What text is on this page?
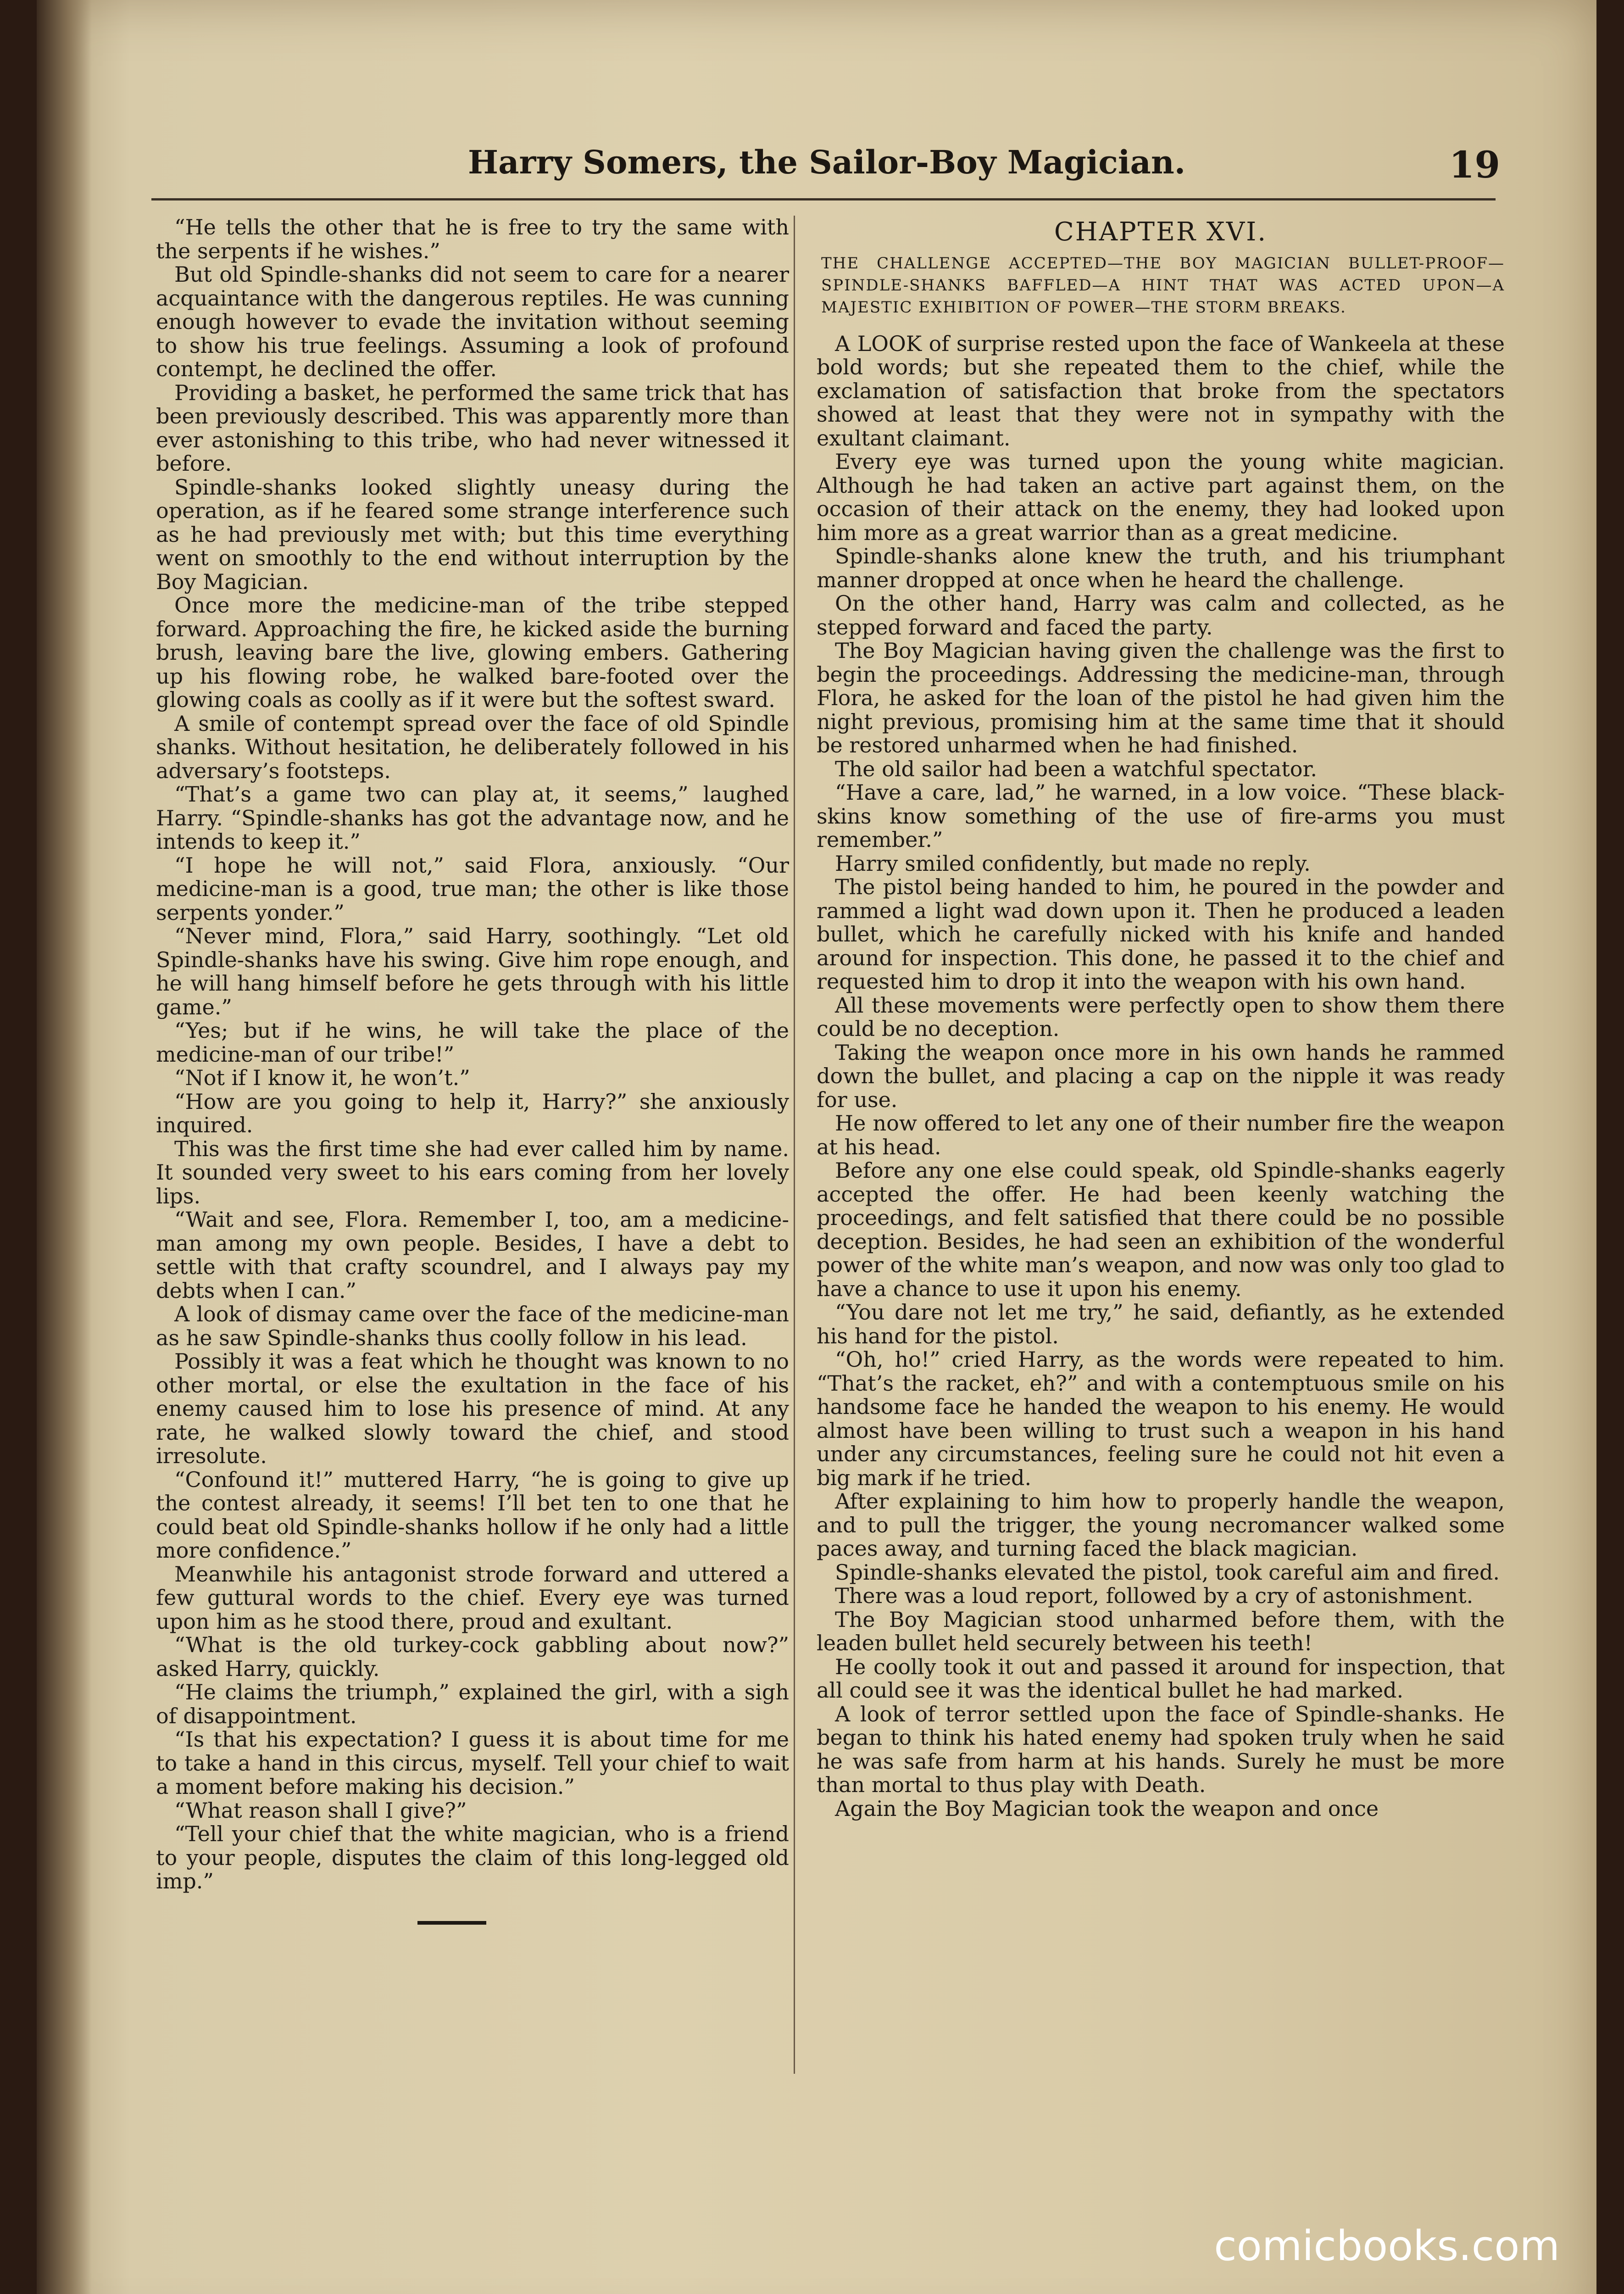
Harry Somers, the Sailor-Boy Magician.	19

“He tells the other that he is free to try the same with the serpents if he wishes.”

But old Spindle-shanks did not seem to care for a nearer acquaintance with the dangerous reptiles. He was cunning enough however to evade the invitation without seeming to show his true feelings. Assuming a look of profound contempt, he declined the offer.

Providing a basket, he performed the same trick that has been previously described. This was apparently more than ever astonishing to this tribe, who had never witnessed it before.

Spindle-shanks looked slightly uneasy during the operation, as if he feared some strange interference such as he had previously met with; but this time everything went on smoothly to the end without interruption by the Boy Magician.

Once more the medicine-man of the tribe stepped forward. Approaching the fire, he kicked aside the burning brush, leaving bare the live, glowing embers. Gathering up his flowing robe, he walked bare-footed over the glowing coals as coolly as if it were but the softest sward.

A smile of contempt spread over the face of old Spindle shanks. Without hesitation, he deliberately followed in his adversary’s footsteps.

“That’s a game two can play at, it seems,” laughed Harry. “Spindle-shanks has got the advantage now, and he intends to keep it.”

“I hope he will not,” said Flora, anxiously. “Our medicine-man is a good, true man; the other is like those serpents yonder.”

“Never mind, Flora,” said Harry, soothingly. “Let old Spindle-shanks have his swing. Give him rope enough, and he will hang himself before he gets through with his little game.”

“Yes; but if he wins, he will take the place of the medicine-man of our tribe!”

“Not if I know it, he won’t.”

“How are you going to help it, Harry?” she anxiously inquired.

This was the first time she had ever called him by name. It sounded very sweet to his ears coming from her lovely lips.

“Wait and see, Flora. Remember I, too, am a medicine-man among my own people. Besides, I have a debt to settle with that crafty scoundrel, and I always pay my debts when I can.”

A look of dismay came over the face of the medicine-man as he saw Spindle-shanks thus coolly follow in his lead.

Possibly it was a feat which he thought was known to no other mortal, or else the exultation in the face of his enemy caused him to lose his presence of mind. At any rate, he walked slowly toward the chief, and stood irresolute.

“Confound it!” muttered Harry, “he is going to give up the contest already, it seems! I’ll bet ten to one that he could beat old Spindle-shanks hollow if he only had a little more confidence.”

Meanwhile his antagonist strode forward and uttered a few guttural words to the chief. Every eye was turned upon him as he stood there, proud and exultant.

“What is the old turkey-cock gabbling about now?” asked Harry, quickly.

“He claims the triumph,” explained the girl, with a sigh of disappointment.

“Is that his expectation? I guess it is about time for me to take a hand in this circus, myself. Tell your chief to wait a moment before making his decision.”

“What reason shall I give?”

“Tell your chief that the white magician, who is a friend to your people, disputes the claim of this long-legged old imp.”

CHAPTER XVI.
THE CHALLENGE ACCEPTED—THE BOY MAGICIAN BULLET-PROOF—SPINDLE-SHANKS BAFFLED—A HINT THAT WAS ACTED UPON—A MAJESTIC EXHIBITION OF POWER—THE STORM BREAKS.

A LOOK of surprise rested upon the face of Wankeela at these bold words; but she repeated them to the chief, while the exclamation of satisfaction that broke from the spectators showed at least that they were not in sympathy with the exultant claimant.

Every eye was turned upon the young white magician. Although he had taken an active part against them, on the occasion of their attack on the enemy, they had looked upon him more as a great warrior than as a great medicine.

Spindle-shanks alone knew the truth, and his triumphant manner dropped at once when he heard the challenge.

On the other hand, Harry was calm and collected, as he stepped forward and faced the party.

The Boy Magician having given the challenge was the first to begin the proceedings. Addressing the medicine-man, through Flora, he asked for the loan of the pistol he had given him the night previous, promising him at the same time that it should be restored unharmed when he had finished.

The old sailor had been a watchful spectator.

“Have a care, lad,” he warned, in a low voice. “These black-skins know something of the use of fire-arms you must remember.”

Harry smiled confidently, but made no reply.

The pistol being handed to him, he poured in the powder and rammed a light wad down upon it. Then he produced a leaden bullet, which he carefully nicked with his knife and handed around for inspection. This done, he passed it to the chief and requested him to drop it into the weapon with his own hand.

All these movements were perfectly open to show them there could be no deception.

Taking the weapon once more in his own hands he rammed down the bullet, and placing a cap on the nipple it was ready for use.

He now offered to let any one of their number fire the weapon at his head.

Before any one else could speak, old Spindle-shanks eagerly accepted the offer. He had been keenly watching the proceedings, and felt satisfied that there could be no possible deception. Besides, he had seen an exhibition of the wonderful power of the white man’s weapon, and now was only too glad to have a chance to use it upon his enemy.

“You dare not let me try,” he said, defiantly, as he extended his hand for the pistol.

“Oh, ho!” cried Harry, as the words were repeated to him. “That’s the racket, eh?” and with a contemptuous smile on his handsome face he handed the weapon to his enemy. He would almost have been willing to trust such a weapon in his hand under any circumstances, feeling sure he could not hit even a big mark if he tried.

After explaining to him how to properly handle the weapon, and to pull the trigger, the young necromancer walked some paces away, and turning faced the black magician.

Spindle-shanks elevated the pistol, took careful aim and fired.

There was a loud report, followed by a cry of astonishment.

The Boy Magician stood unharmed before them, with the leaden bullet held securely between his teeth!

He coolly took it out and passed it around for inspection, that all could see it was the identical bullet he had marked.

A look of terror settled upon the face of Spindle-shanks. He began to think his hated enemy had spoken truly when he said he was safe from harm at his hands. Surely he must be more than mortal to thus play with Death.

Again the Boy Magician took the weapon and once

comicbooks.com
